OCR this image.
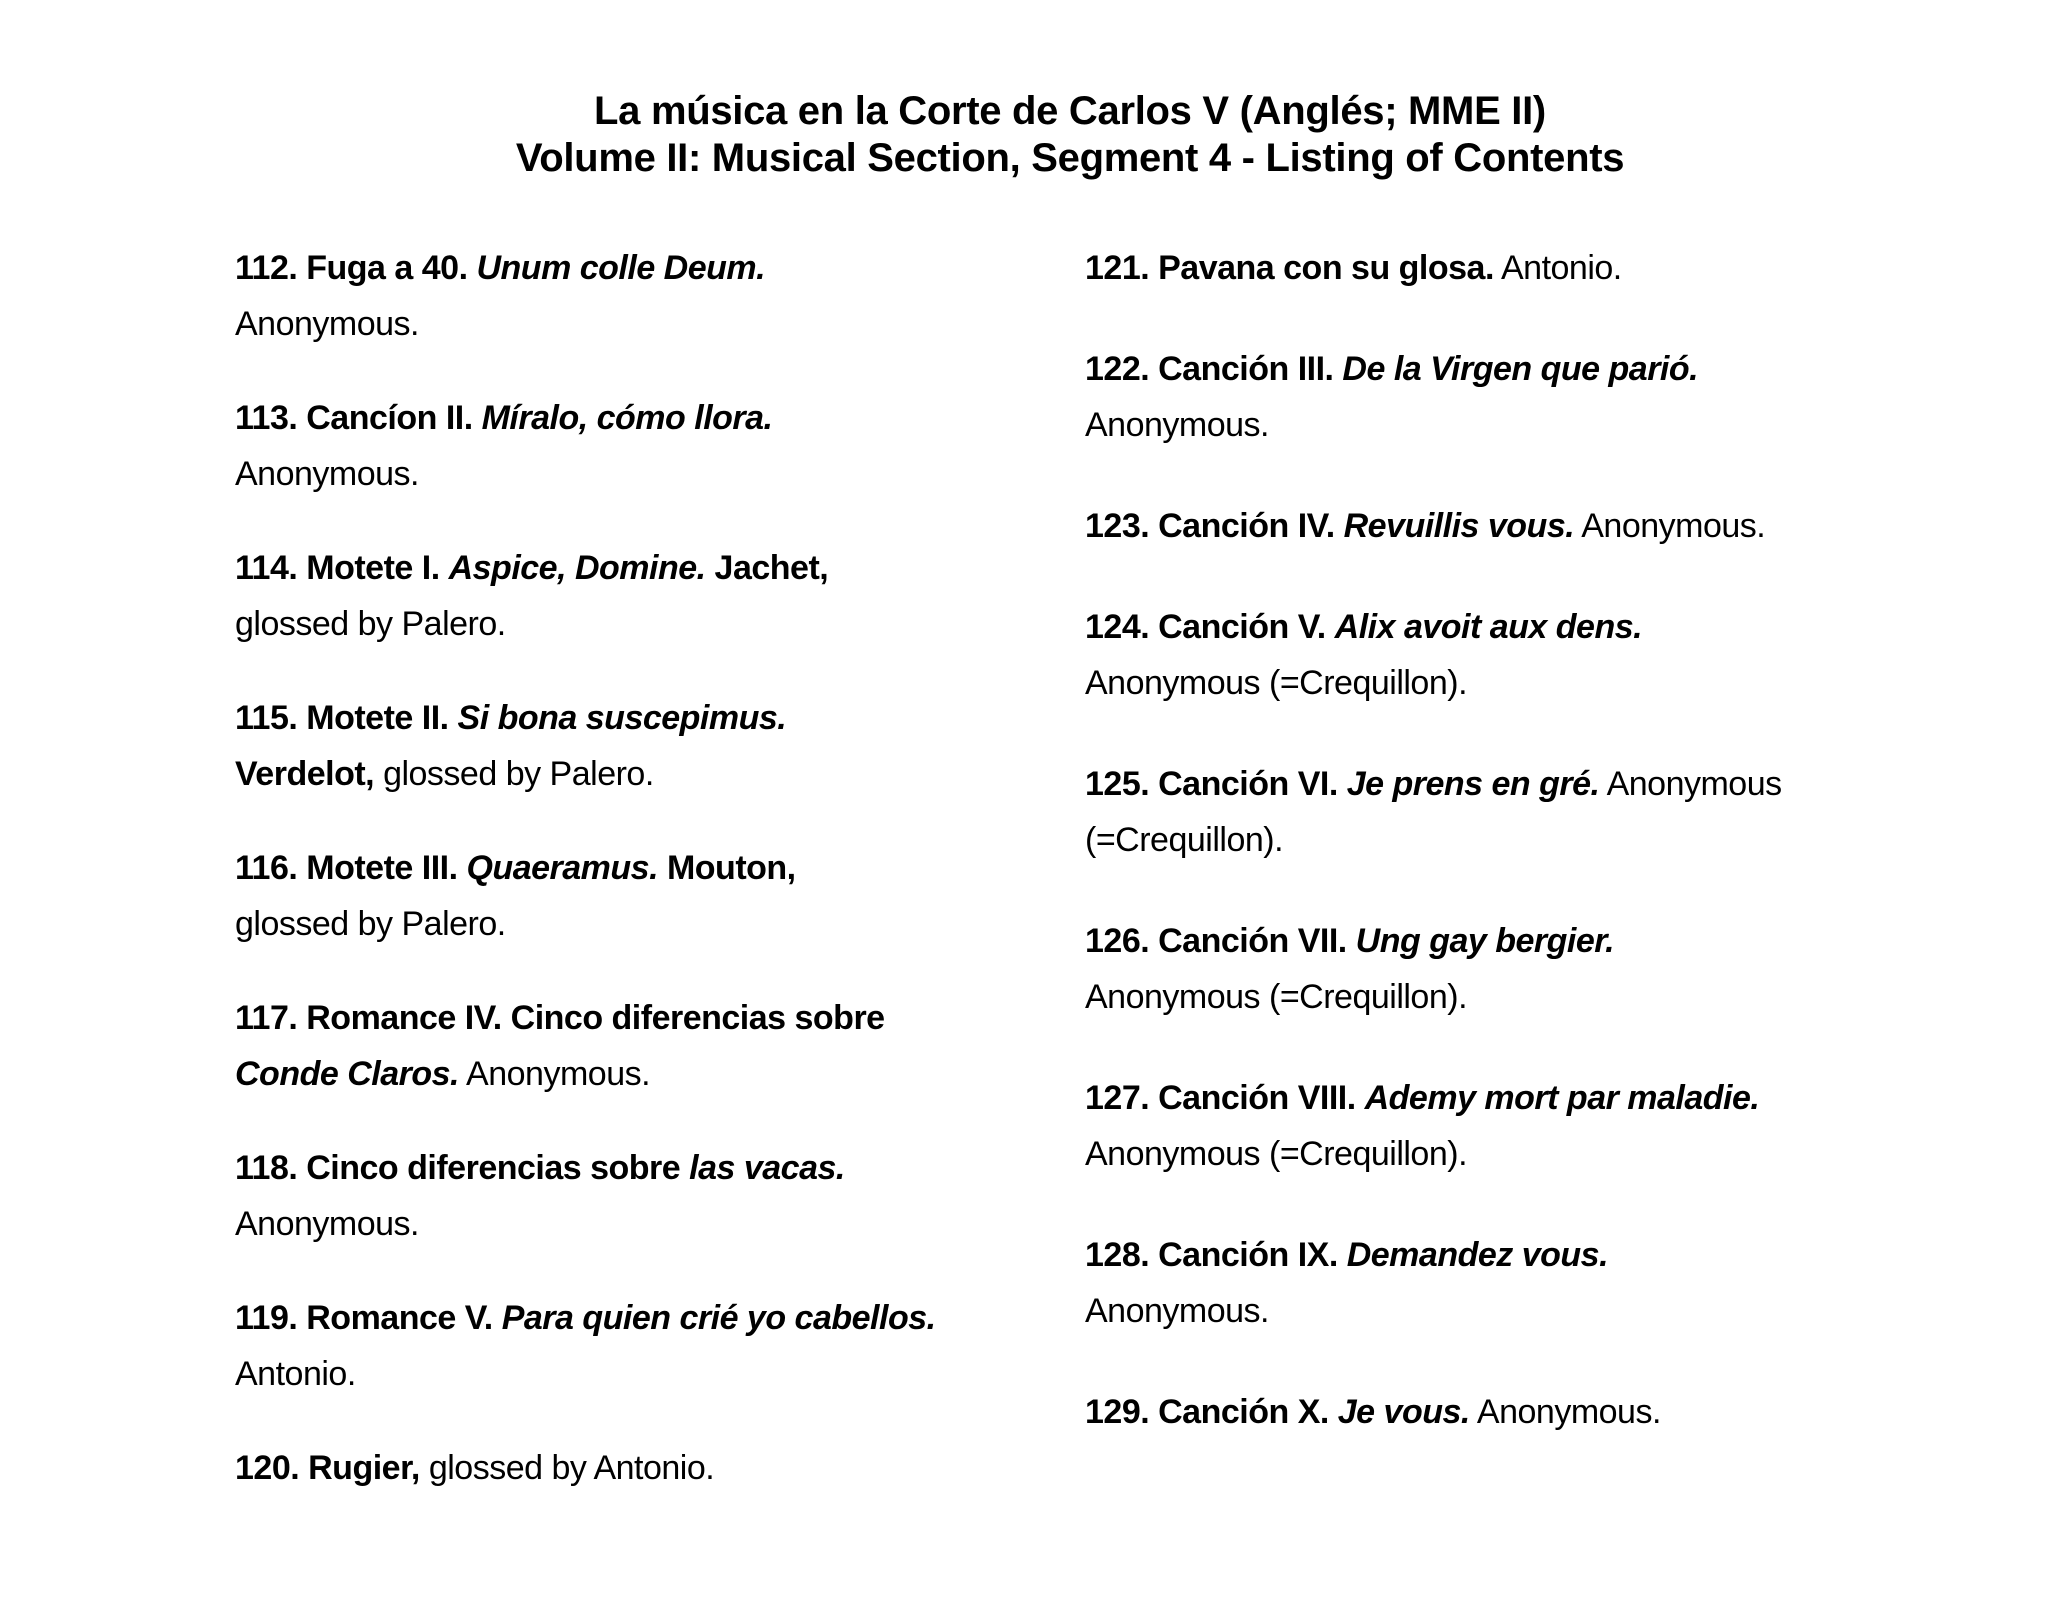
La música en la Corte de Carlos V (Anglés; MME II)
Volume II: Musical Section, Segment 4 - Listing of Contents

112. Fuga a 40. Unum colle Deum.
Anonymous.

113. Cancíon II. Míralo, cómo llora.
Anonymous.

114. Motete I. Aspice, Domine. Jachet,
glossed by Palero.

115. Motete II. Si bona suscepimus.
Verdelot, glossed by Palero.

116. Motete III. Quaeramus. Mouton,
glossed by Palero.

117. Romance IV. Cinco diferencias sobre
Conde Claros. Anonymous.

118. Cinco diferencias sobre las vacas.
Anonymous.

119. Romance V. Para quien crié yo cabellos.
Antonio.

120. Rugier, glossed by Antonio.

121. Pavana con su glosa. Antonio.

122. Canción III. De la Virgen que parió.
Anonymous.

123. Canción IV. Revuillis vous. Anonymous.

124. Canción V. Alix avoit aux dens.
Anonymous (=Crequillon).

125. Canción VI. Je prens en gré. Anonymous
(=Crequillon).

126. Canción VII. Ung gay bergier.
Anonymous (=Crequillon).

127. Canción VIII. Ademy mort par maladie.
Anonymous (=Crequillon).

128. Canción IX. Demandez vous.
Anonymous.

129. Canción X. Je vous. Anonymous.
